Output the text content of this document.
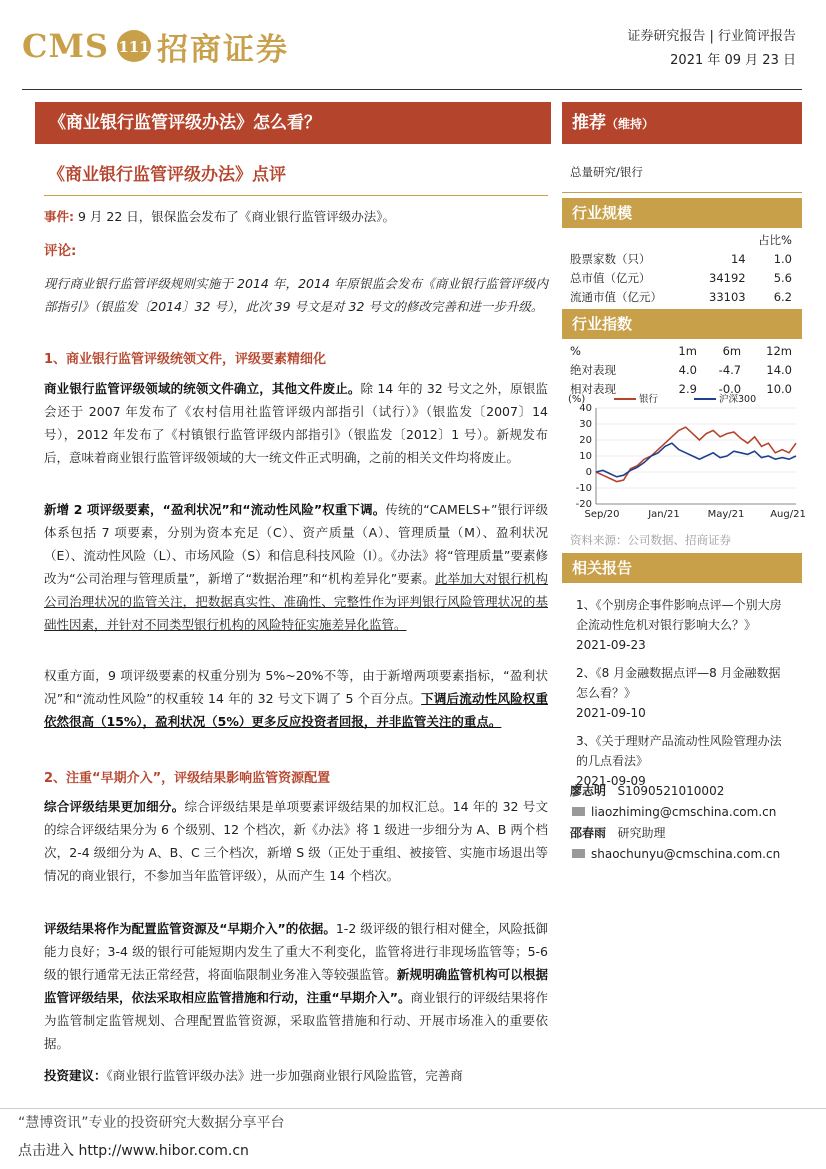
CMS 111 招商证券	证券研究报告 | 行业简评报告
2021 年 09 月 23 日
《商业银行监管评级办法》怎么看？
《商业银行监管评级办法》点评
事件: 9 月 22 日，银保监会发布了《商业银行监管评级办法》。
评论:
现行商业银行监管评级规则实施于 2014 年，2014 年原银监会发布《商业银行监管评级内部指引》（银监发〔2014〕32 号），此次 39 号文是对 32 号文的修改完善和进一步升级。
1、商业银行监管评级统领文件，评级要素精细化
商业银行监管评级领域的统领文件确立，其他文件废止。除 14 年的 32 号文之外，原银监会还于 2007 年发布了《农村信用社监管评级内部指引（试行）》（银监发〔2007〕14 号），2012 年发布了《村镇银行监管评级内部指引》（银监发〔2012〕1 号）。新规发布后，意味着商业银行监管评级领域的大一统文件正式明确，之前的相关文件均将废止。
新增 2 项评级要素，“盈利状况”和“流动性风险”权重下调。传统的“CAMELS+”银行评级体系包括 7 项要素，分别为资本充足（C）、资产质量（A）、管理质量（M）、盈利状况（E）、流动性风险（L）、市场风险（S）和信息科技风险（I）。《办法》将“管理质量”要素修改为“公司治理与管理质量”，新增了“数据治理”和“机构差异化”要素。此举加大对银行机构公司治理状况的监管关注，把数据真实性、准确性、完整性作为评判银行风险管理状况的基础性因素，并针对不同类型银行机构的风险特征实施差异化监管。
权重方面，9 项评级要素的权重分别为 5%~20%不等，由于新增两项要素指标，“盈利状况”和“流动性风险”的权重较 14 年的 32 号文下调了 5 个百分点。下调后流动性风险权重依然很高（15%），盈利状况（5%）更多反应投资者回报，并非监管关注的重点。
2、注重“早期介入”，评级结果影响监管资源配置
综合评级结果更加细分。综合评级结果是单项要素评级结果的加权汇总。14 年的 32 号文的综合评级结果分为 6 个级别、12 个档次，新《办法》将 1 级进一步细分为 A、B 两个档次，2-4 级细分为 A、B、C 三个档次，新增 S 级（正处于重组、被接管、实施市场退出等情况的商业银行，不参加当年监管评级），从而产生 14 个档次。
评级结果将作为配置监管资源及“早期介入”的依据。1-2 级评级的银行相对健全，风险抵御能力良好；3-4 级的银行可能短期内发生了重大不利变化，监管将进行非现场监管等；5-6 级的银行通常无法正常经营，将面临限制业务准入等较强监管。新规明确监管机构可以根据监管评级结果，依法采取相应监管措施和行动，注重“早期介入”。商业银行的评级结果将作为监管制定监管规划、合理配置监管资源，采取监管措施和行动、开展市场准入的重要依据。
投资建议：《商业银行监管评级办法》进一步加强商业银行风险监管，完善商
推荐（维持）
总量研究/银行
行业规模
		占比%
股票家数（只）	14	1.0
总市值（亿元）	34192	5.6
流通市值（亿元）	33103	6.2
行业指数
%	1m	6m	12m
绝对表现	4.0	-4.7	14.0
相对表现	2.9	-0.0	10.0
(%)
-20
-10
0
10
20
30
40
Sep/20	Jan/21	May/21	Aug/21
银行	沪深300
资料来源：公司数据、招商证券
相关报告
1、《个别房企事件影响点评—个别大房企流动性危机对银行影响大么？》
2021-09-23
2、《8 月金融数据点评—8 月金融数据怎么看？》
2021-09-10
3、《关于理财产品流动性风险管理办法的几点看法》
2021-09-09
廖志明 S1090521010002
liaozhiming@cmschina.com.cn
邵春雨 研究助理
shaochunyu@cmschina.com.cn
“慧博资讯”专业的投资研究大数据分享平台
点击进入 http://www.hibor.com.cn
